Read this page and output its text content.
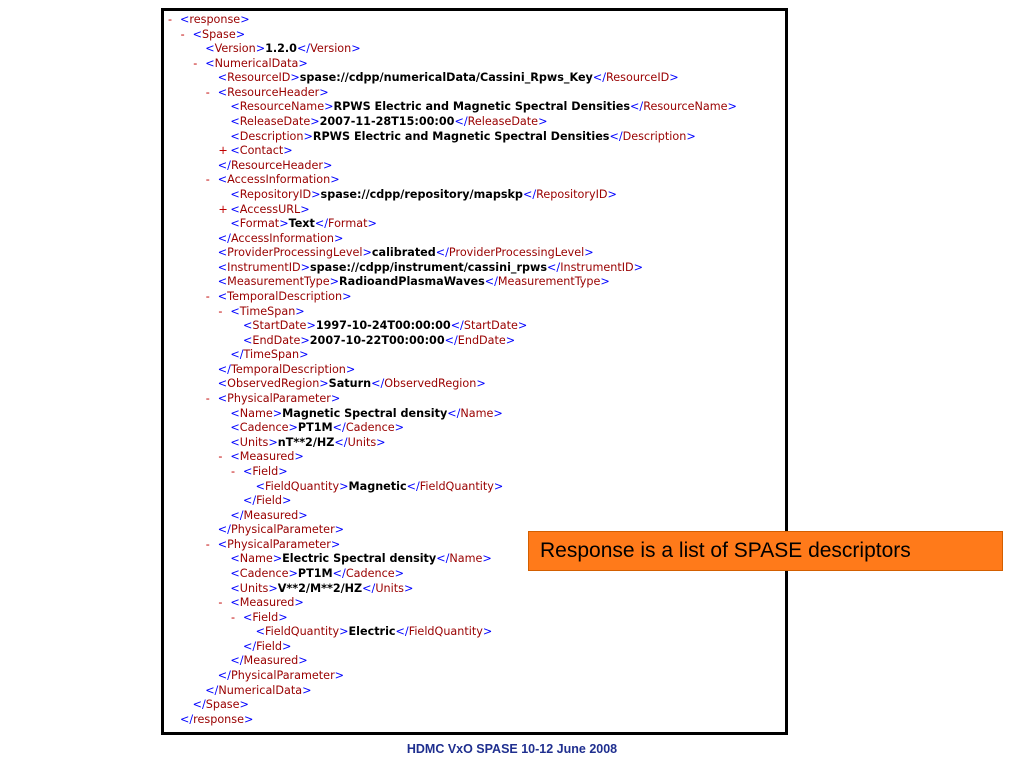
- <response>
- <Spase>
<Version>1.2.0</Version>
- <NumericalData>
<ResourceID>spase://cdpp/numericalData/Cassini_Rpws_Key</ResourceID>
- <ResourceHeader>
<ResourceName>RPWS Electric and Magnetic Spectral Densities</ResourceName>
<ReleaseDate>2007-11-28T15:00:00</ReleaseDate>
<Description>RPWS Electric and Magnetic Spectral Densities</Description>
+ <Contact>
</ResourceHeader>
- <AccessInformation>
<RepositoryID>spase://cdpp/repository/mapskp</RepositoryID>
+ <AccessURL>
<Format>Text</Format>
</AccessInformation>
<ProviderProcessingLevel>calibrated</ProviderProcessingLevel>
<InstrumentID>spase://cdpp/instrument/cassini_rpws</InstrumentID>
<MeasurementType>RadioandPlasmaWaves</MeasurementType>
- <TemporalDescription>
- <TimeSpan>
<StartDate>1997-10-24T00:00:00</StartDate>
<EndDate>2007-10-22T00:00:00</EndDate>
</TimeSpan>
</TemporalDescription>
<ObservedRegion>Saturn</ObservedRegion>
- <PhysicalParameter>
<Name>Magnetic Spectral density</Name>
<Cadence>PT1M</Cadence>
<Units>nT**2/HZ</Units>
- <Measured>
- <Field>
<FieldQuantity>Magnetic</FieldQuantity>
</Field>
</Measured>
</PhysicalParameter>
- <PhysicalParameter>
<Name>Electric Spectral density</Name>
<Cadence>PT1M</Cadence>
<Units>V**2/M**2/HZ</Units>
- <Measured>
- <Field>
<FieldQuantity>Electric</FieldQuantity>
</Field>
</Measured>
</PhysicalParameter>
</NumericalData>
</Spase>
</response>
Response is a list of SPASE descriptors
HDMC VxO SPASE 10-12 June 2008
